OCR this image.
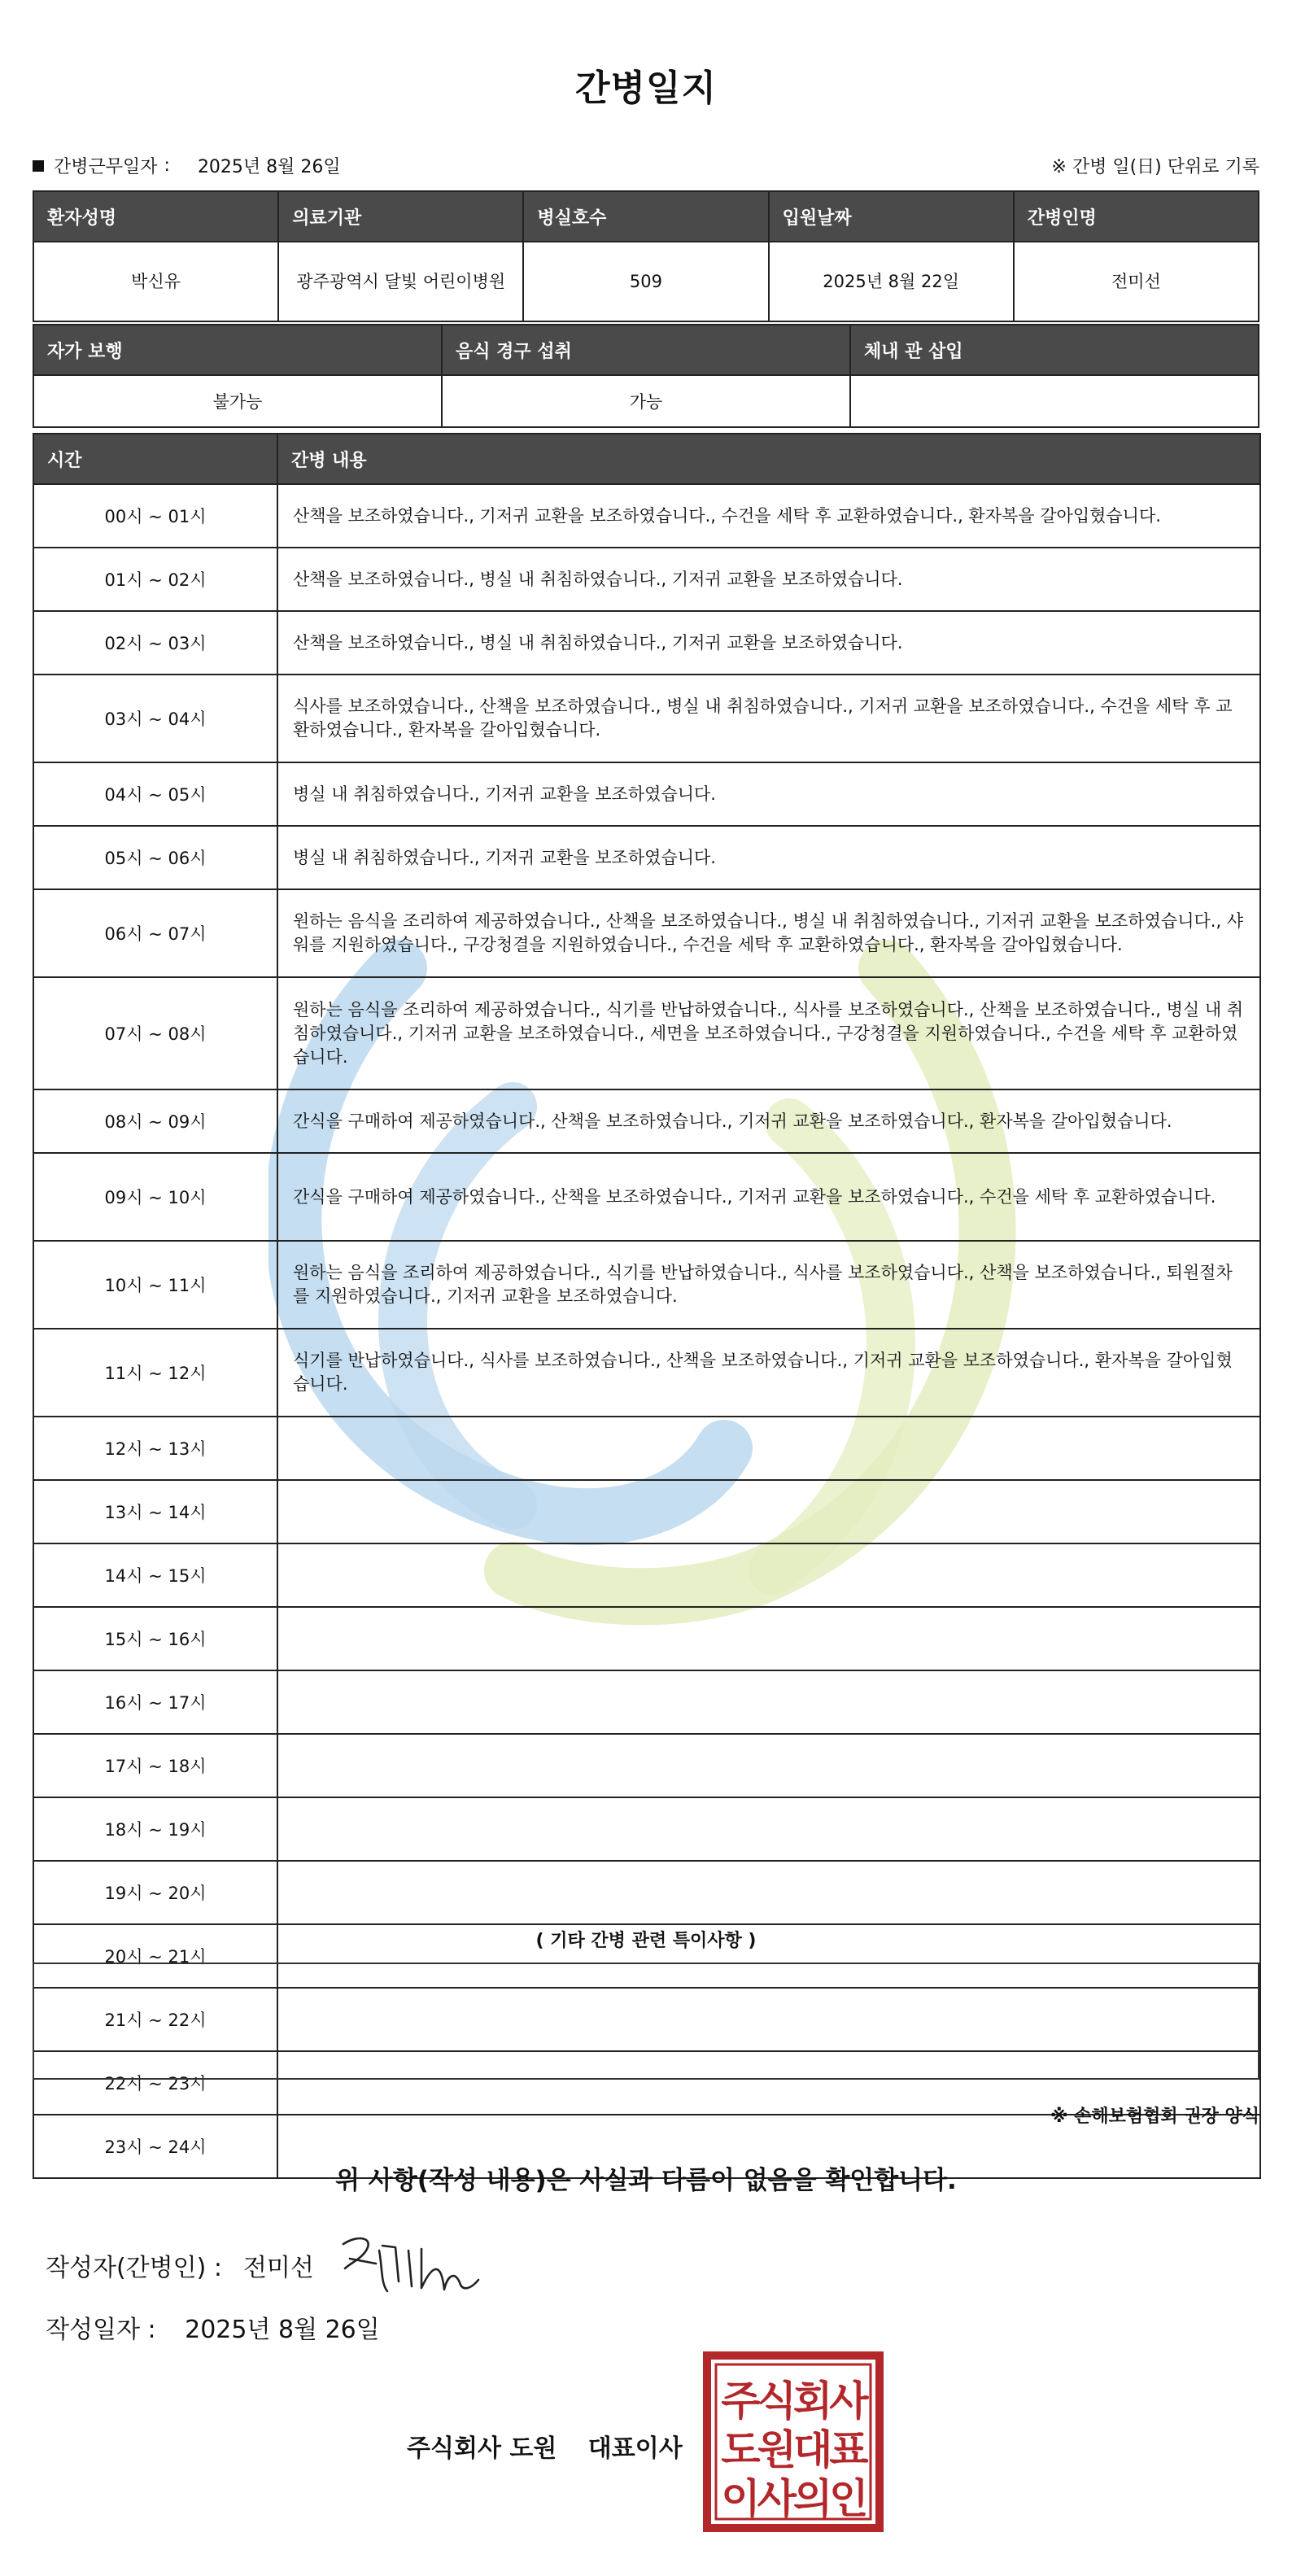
간병일지
간병근무일자 : 2025년 8월 26일	※ 간병 일(日) 단위로 기록
환자성명	의료기관	병실호수	입원날짜	간병인명
박신유	광주광역시 달빛 어린이병원	509	2025년 8월 22일	전미선
자가 보행	음식 경구 섭취	체내 관 삽입
불가능	가능	
시간	간병 내용
00시 ~ 01시	산책을 보조하였습니다., 기저귀 교환을 보조하였습니다., 수건을 세탁 후 교환하였습니다., 환자복을 갈아입혔습니다.
01시 ~ 02시	산책을 보조하였습니다., 병실 내 취침하였습니다., 기저귀 교환을 보조하였습니다.
02시 ~ 03시	산책을 보조하였습니다., 병실 내 취침하였습니다., 기저귀 교환을 보조하였습니다.
03시 ~ 04시	식사를 보조하였습니다., 산책을 보조하였습니다., 병실 내 취침하였습니다., 기저귀 교환을 보조하였습니다., 수건을 세탁 후 교환하였습니다., 환자복을 갈아입혔습니다.
04시 ~ 05시	병실 내 취침하였습니다., 기저귀 교환을 보조하였습니다.
05시 ~ 06시	병실 내 취침하였습니다., 기저귀 교환을 보조하였습니다.
06시 ~ 07시	원하는 음식을 조리하여 제공하였습니다., 산책을 보조하였습니다., 병실 내 취침하였습니다., 기저귀 교환을 보조하였습니다., 샤워를 지원하였습니다., 구강청결을 지원하였습니다., 수건을 세탁 후 교환하였습니다., 환자복을 갈아입혔습니다.
07시 ~ 08시	원하는 음식을 조리하여 제공하였습니다., 식기를 반납하였습니다., 식사를 보조하였습니다., 산책을 보조하였습니다., 병실 내 취침하였습니다., 기저귀 교환을 보조하였습니다., 세면을 보조하였습니다., 구강청결을 지원하였습니다., 수건을 세탁 후 교환하였습니다.
08시 ~ 09시	간식을 구매하여 제공하였습니다., 산책을 보조하였습니다., 기저귀 교환을 보조하였습니다., 환자복을 갈아입혔습니다.
09시 ~ 10시	간식을 구매하여 제공하였습니다., 산책을 보조하였습니다., 기저귀 교환을 보조하였습니다., 수건을 세탁 후 교환하였습니다.
10시 ~ 11시	원하는 음식을 조리하여 제공하였습니다., 식기를 반납하였습니다., 식사를 보조하였습니다., 산책을 보조하였습니다., 퇴원절차를 지원하였습니다., 기저귀 교환을 보조하였습니다.
11시 ~ 12시	식기를 반납하였습니다., 식사를 보조하였습니다., 산책을 보조하였습니다., 기저귀 교환을 보조하였습니다., 환자복을 갈아입혔습니다.
12시 ~ 13시	
13시 ~ 14시	
14시 ~ 15시	
15시 ~ 16시	
16시 ~ 17시	
17시 ~ 18시	
18시 ~ 19시	
19시 ~ 20시	
20시 ~ 21시	
21시 ~ 22시	
22시 ~ 23시	
23시 ~ 24시	
( 기타 간병 관련 특이사항 )
※ 손해보험협회 권장 양식
위 사항(작성 내용)은 사실과 다름이 없음을 확인합니다.
작성자(간병인) : 전미선
작성일자 : 2025년 8월 26일
주식회사 도원 대표이사
주식회사
도원대표
이사의인
